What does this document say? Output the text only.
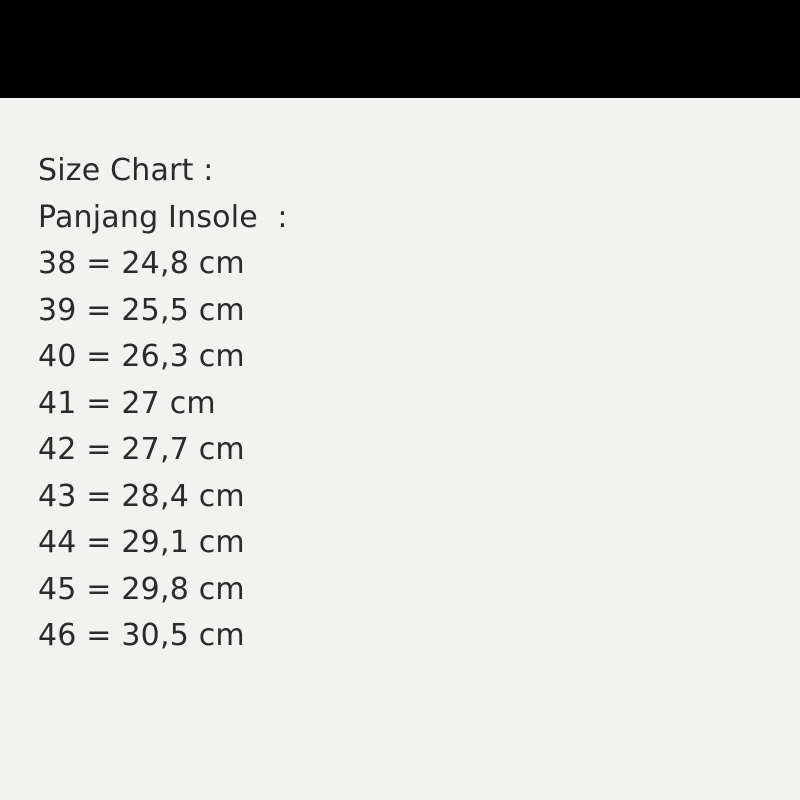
Size Chart :
Panjang Insole  :
38 = 24,8 cm
39 = 25,5 cm
40 = 26,3 cm
41 = 27 cm
42 = 27,7 cm
43 = 28,4 cm
44 = 29,1 cm
45 = 29,8 cm
46 = 30,5 cm
